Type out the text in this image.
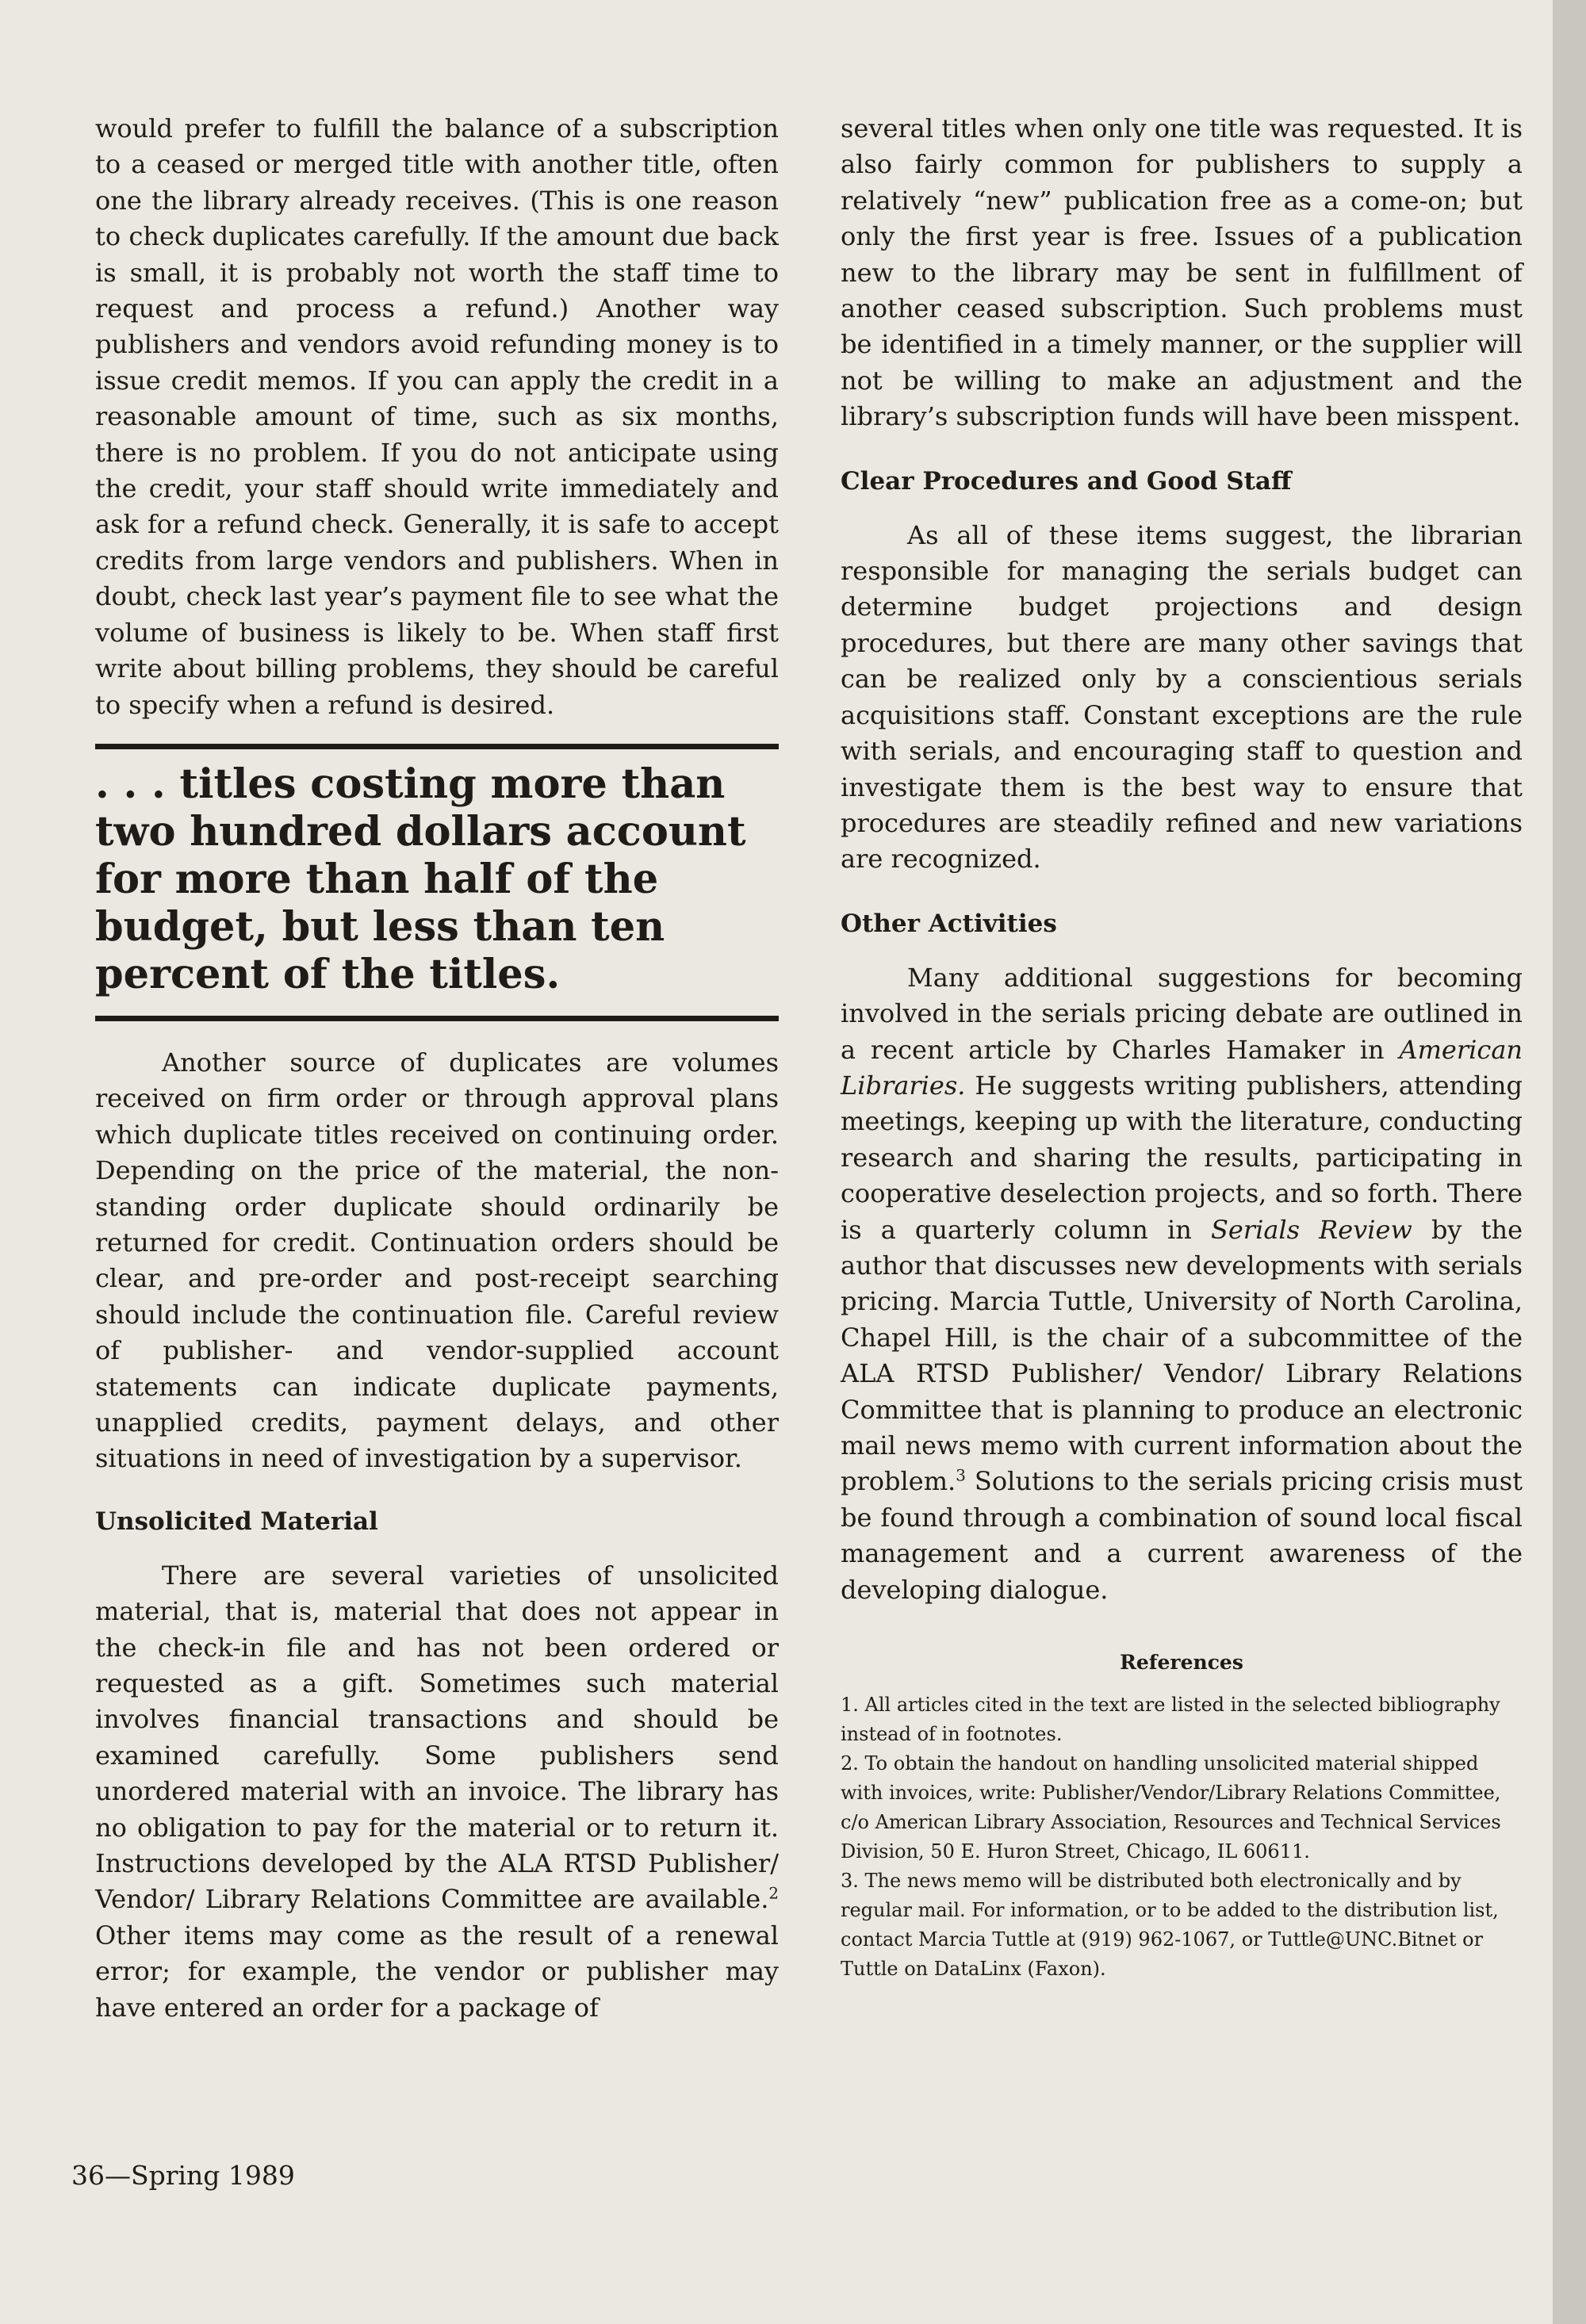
would prefer to fulfill the balance of a subscription to a ceased or merged title with another title, often one the library already receives. (This is one reason to check duplicates carefully. If the amount due back is small, it is probably not worth the staff time to request and process a refund.) Another way publishers and vendors avoid refunding money is to issue credit memos. If you can apply the credit in a reasonable amount of time, such as six months, there is no problem. If you do not anticipate using the credit, your staff should write immediately and ask for a refund check. Generally, it is safe to accept credits from large vendors and publishers. When in doubt, check last year’s payment file to see what the volume of business is likely to be. When staff first write about billing problems, they should be careful to specify when a refund is desired.

. . . titles costing more than two hundred dollars account for more than half of the budget, but less than ten percent of the titles.

Another source of duplicates are volumes received on firm order or through approval plans which duplicate titles received on continuing order. Depending on the price of the material, the non-standing order duplicate should ordinarily be returned for credit. Continuation orders should be clear, and pre-order and post-receipt searching should include the continuation file. Careful review of publisher- and vendor-supplied account statements can indicate duplicate payments, unapplied credits, payment delays, and other situations in need of investigation by a supervisor.

Unsolicited Material

There are several varieties of unsolicited material, that is, material that does not appear in the check-in file and has not been ordered or requested as a gift. Sometimes such material involves financial transactions and should be examined carefully. Some publishers send unordered material with an invoice. The library has no obligation to pay for the material or to return it. Instructions developed by the ALA RTSD Publisher/ Vendor/ Library Relations Committee are available.$^2$ Other items may come as the result of a renewal error; for example, the vendor or publisher may have entered an order for a package of

several titles when only one title was requested. It is also fairly common for publishers to supply a relatively “new” publication free as a come-on; but only the first year is free. Issues of a publication new to the library may be sent in fulfillment of another ceased subscription. Such problems must be identified in a timely manner, or the supplier will not be willing to make an adjustment and the library’s subscription funds will have been misspent.

Clear Procedures and Good Staff

As all of these items suggest, the librarian responsible for managing the serials budget can determine budget projections and design procedures, but there are many other savings that can be realized only by a conscientious serials acquisitions staff. Constant exceptions are the rule with serials, and encouraging staff to question and investigate them is the best way to ensure that procedures are steadily refined and new variations are recognized.

Other Activities

Many additional suggestions for becoming involved in the serials pricing debate are outlined in a recent article by Charles Hamaker in American Libraries. He suggests writing publishers, attending meetings, keeping up with the literature, conducting research and sharing the results, participating in cooperative deselection projects, and so forth. There is a quarterly column in Serials Review by the author that discusses new developments with serials pricing. Marcia Tuttle, University of North Carolina, Chapel Hill, is the chair of a subcommittee of the ALA RTSD Publisher/ Vendor/ Library Relations Committee that is planning to produce an electronic mail news memo with current information about the problem.$^3$ Solutions to the serials pricing crisis must be found through a combination of sound local fiscal management and a current awareness of the developing dialogue.

References

1. All articles cited in the text are listed in the selected bibliography instead of in footnotes.

2. To obtain the handout on handling unsolicited material shipped with invoices, write: Publisher/Vendor/Library Relations Committee, c/o American Library Association, Resources and Technical Services Division, 50 E. Huron Street, Chicago, IL 60611.

3. The news memo will be distributed both electronically and by regular mail. For information, or to be added to the distribution list, contact Marcia Tuttle at (919) 962-1067, or Tuttle@UNC.Bitnet or Tuttle on DataLinx (Faxon).

36—Spring 1989
